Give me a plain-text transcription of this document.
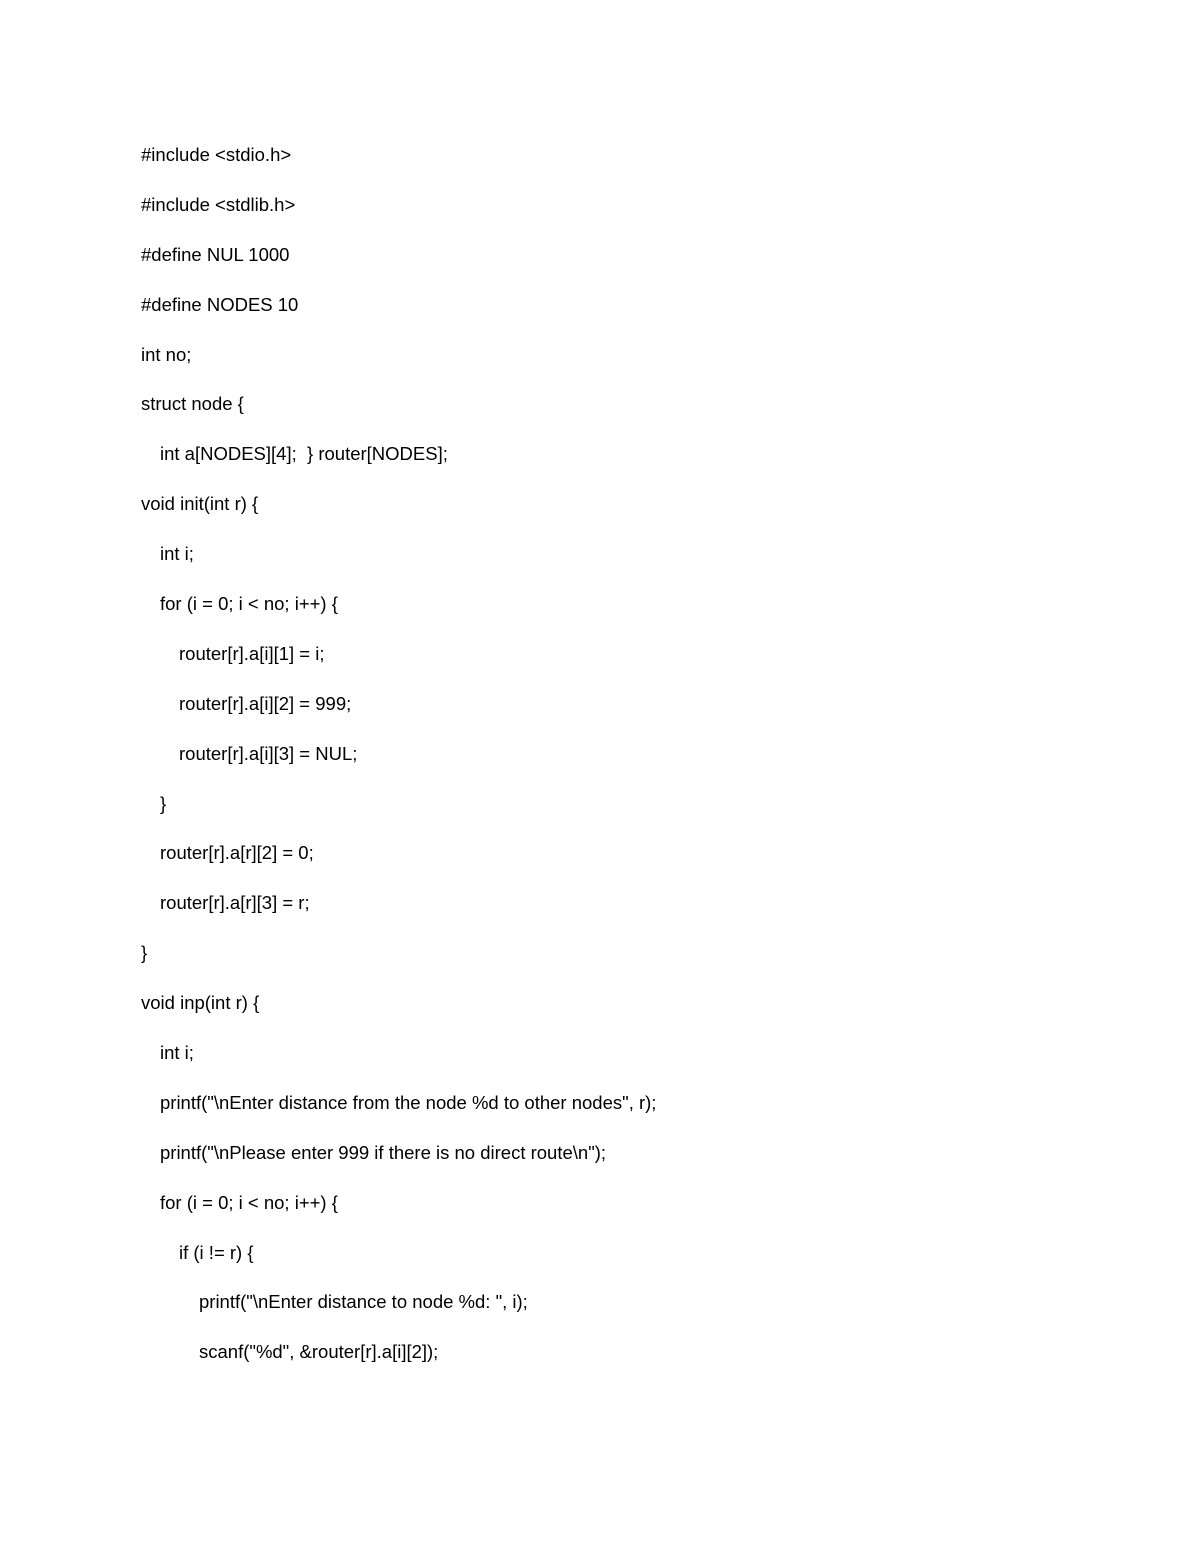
#include <stdio.h>
#include <stdlib.h>
#define NUL 1000
#define NODES 10
int no;
struct node {
int a[NODES][4];  } router[NODES];
void init(int r) {
int i;
for (i = 0; i < no; i++) {
router[r].a[i][1] = i;
router[r].a[i][2] = 999;
router[r].a[i][3] = NUL;
}
router[r].a[r][2] = 0;
router[r].a[r][3] = r;
}
void inp(int r) {
int i;
printf("\nEnter distance from the node %d to other nodes", r);
printf("\nPlease enter 999 if there is no direct route\n");
for (i = 0; i < no; i++) {
if (i != r) {
printf("\nEnter distance to node %d: ", i);
scanf("%d", &router[r].a[i][2]);
